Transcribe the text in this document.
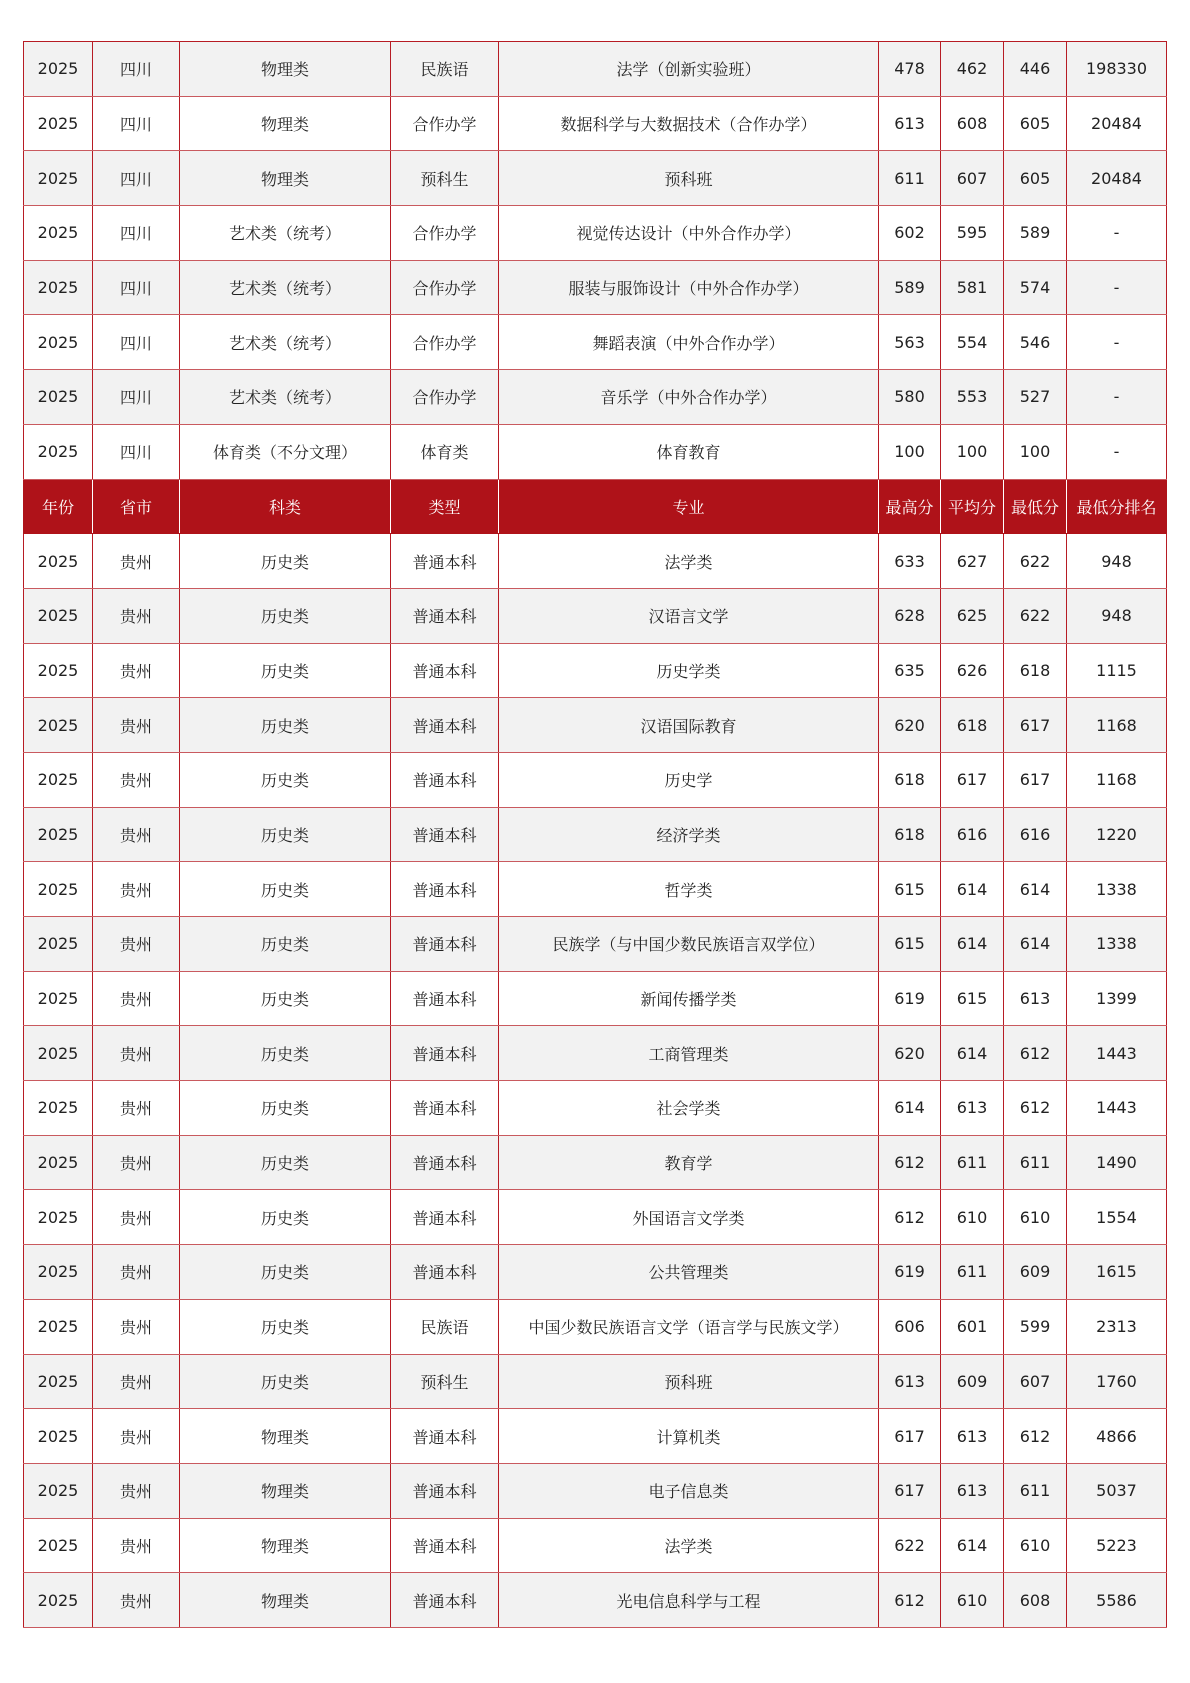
2025	四川	物理类	民族语	法学（创新实验班）	478	462	446	198330
2025	四川	物理类	合作办学	数据科学与大数据技术（合作办学）	613	608	605	20484
2025	四川	物理类	预科生	预科班	611	607	605	20484
2025	四川	艺术类（统考）	合作办学	视觉传达设计（中外合作办学）	602	595	589	-
2025	四川	艺术类（统考）	合作办学	服装与服饰设计（中外合作办学）	589	581	574	-
2025	四川	艺术类（统考）	合作办学	舞蹈表演（中外合作办学）	563	554	546	-
2025	四川	艺术类（统考）	合作办学	音乐学（中外合作办学）	580	553	527	-
2025	四川	体育类（不分文理）	体育类	体育教育	100	100	100	-
年份	省市	科类	类型	专业	最高分	平均分	最低分	最低分排名
2025	贵州	历史类	普通本科	法学类	633	627	622	948
2025	贵州	历史类	普通本科	汉语言文学	628	625	622	948
2025	贵州	历史类	普通本科	历史学类	635	626	618	1115
2025	贵州	历史类	普通本科	汉语国际教育	620	618	617	1168
2025	贵州	历史类	普通本科	历史学	618	617	617	1168
2025	贵州	历史类	普通本科	经济学类	618	616	616	1220
2025	贵州	历史类	普通本科	哲学类	615	614	614	1338
2025	贵州	历史类	普通本科	民族学（与中国少数民族语言双学位）	615	614	614	1338
2025	贵州	历史类	普通本科	新闻传播学类	619	615	613	1399
2025	贵州	历史类	普通本科	工商管理类	620	614	612	1443
2025	贵州	历史类	普通本科	社会学类	614	613	612	1443
2025	贵州	历史类	普通本科	教育学	612	611	611	1490
2025	贵州	历史类	普通本科	外国语言文学类	612	610	610	1554
2025	贵州	历史类	普通本科	公共管理类	619	611	609	1615
2025	贵州	历史类	民族语	中国少数民族语言文学（语言学与民族文学）	606	601	599	2313
2025	贵州	历史类	预科生	预科班	613	609	607	1760
2025	贵州	物理类	普通本科	计算机类	617	613	612	4866
2025	贵州	物理类	普通本科	电子信息类	617	613	611	5037
2025	贵州	物理类	普通本科	法学类	622	614	610	5223
2025	贵州	物理类	普通本科	光电信息科学与工程	612	610	608	5586
